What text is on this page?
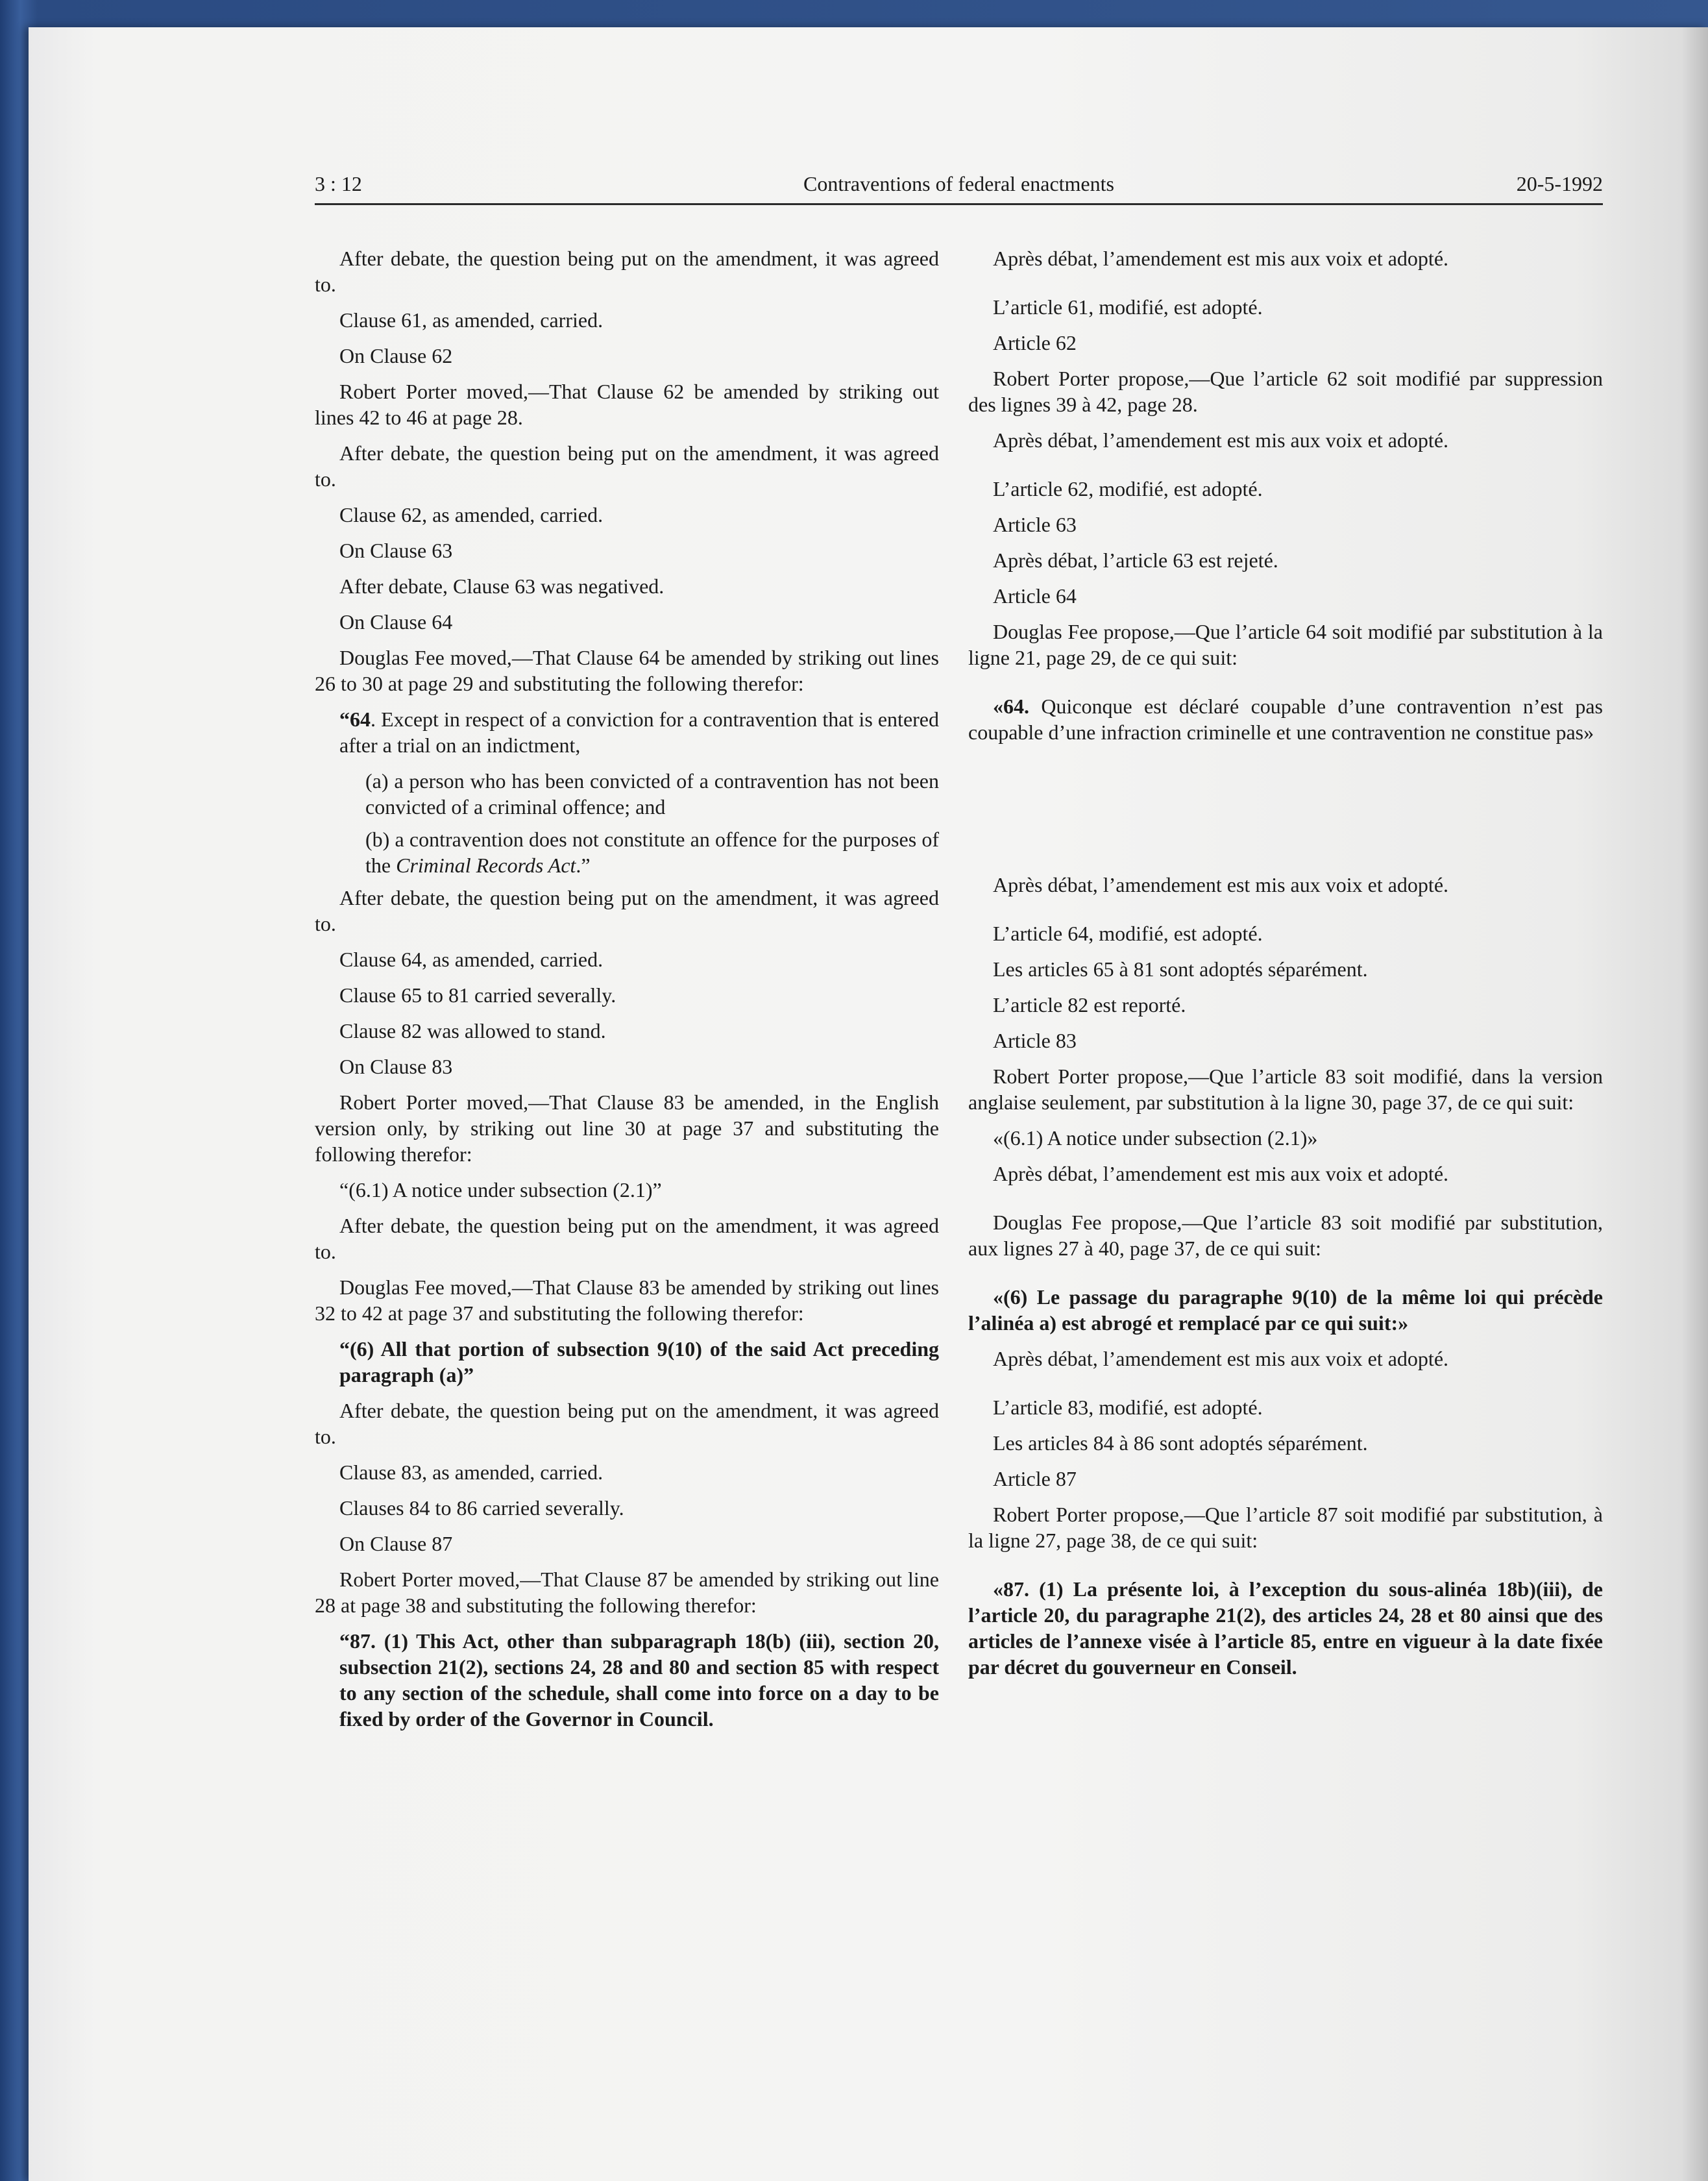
3 : 12	Contraventions of federal enactments	20-5-1992

After debate, the question being put on the amendment, it was agreed to.

Clause 61, as amended, carried.

On Clause 62

Robert Porter moved,—That Clause 62 be amended by striking out lines 42 to 46 at page 28.

After debate, the question being put on the amendment, it was agreed to.

Clause 62, as amended, carried.

On Clause 63

After debate, Clause 63 was negatived.

On Clause 64

Douglas Fee moved,—That Clause 64 be amended by striking out lines 26 to 30 at page 29 and substituting the following therefor:

“64. Except in respect of a conviction for a contravention that is entered after a trial on an indictment,

(a) a person who has been convicted of a contravention has not been convicted of a criminal offence; and

(b) a contravention does not constitute an offence for the purposes of the Criminal Records Act.”

After debate, the question being put on the amendment, it was agreed to.

Clause 64, as amended, carried.

Clause 65 to 81 carried severally.

Clause 82 was allowed to stand.

On Clause 83

Robert Porter moved,—That Clause 83 be amended, in the English version only, by striking out line 30 at page 37 and substituting the following therefor:

“(6.1) A notice under subsection (2.1)”

After debate, the question being put on the amendment, it was agreed to.

Douglas Fee moved,—That Clause 83 be amended by striking out lines 32 to 42 at page 37 and substituting the following therefor:

“(6) All that portion of subsection 9(10) of the said Act preceding paragraph (a)”

After debate, the question being put on the amendment, it was agreed to.

Clause 83, as amended, carried.

Clauses 84 to 86 carried severally.

On Clause 87

Robert Porter moved,—That Clause 87 be amended by striking out line 28 at page 38 and substituting the following therefor:

“87. (1) This Act, other than subparagraph 18(b) (iii), section 20, subsection 21(2), sections 24, 28 and 80 and section 85 with respect to any section of the schedule, shall come into force on a day to be fixed by order of the Governor in Council.

Après débat, l’amendement est mis aux voix et adopté.

L’article 61, modifié, est adopté.

Article 62

Robert Porter propose,—Que l’article 62 soit modifié par suppression des lignes 39 à 42, page 28.

Après débat, l’amendement est mis aux voix et adopté.

L’article 62, modifié, est adopté.

Article 63

Après débat, l’article 63 est rejeté.

Article 64

Douglas Fee propose,—Que l’article 64 soit modifié par substitution à la ligne 21, page 29, de ce qui suit:

«64. Quiconque est déclaré coupable d’une contravention n’est pas coupable d’une infraction criminelle et une contravention ne constitue pas»

Après débat, l’amendement est mis aux voix et adopté.

L’article 64, modifié, est adopté.

Les articles 65 à 81 sont adoptés séparément.

L’article 82 est reporté.

Article 83

Robert Porter propose,—Que l’article 83 soit modifié, dans la version anglaise seulement, par substitution à la ligne 30, page 37, de ce qui suit:

«(6.1) A notice under subsection (2.1)»

Après débat, l’amendement est mis aux voix et adopté.

Douglas Fee propose,—Que l’article 83 soit modifié par substitution, aux lignes 27 à 40, page 37, de ce qui suit:

«(6) Le passage du paragraphe 9(10) de la même loi qui précède l’alinéa a) est abrogé et remplacé par ce qui suit:»

Après débat, l’amendement est mis aux voix et adopté.

L’article 83, modifié, est adopté.

Les articles 84 à 86 sont adoptés séparément.

Article 87

Robert Porter propose,—Que l’article 87 soit modifié par substitution, à la ligne 27, page 38, de ce qui suit:

«87. (1) La présente loi, à l’exception du sous-alinéa 18b)(iii), de l’article 20, du paragraphe 21(2), des articles 24, 28 et 80 ainsi que des articles de l’annexe visée à l’article 85, entre en vigueur à la date fixée par décret du gouverneur en Conseil.
